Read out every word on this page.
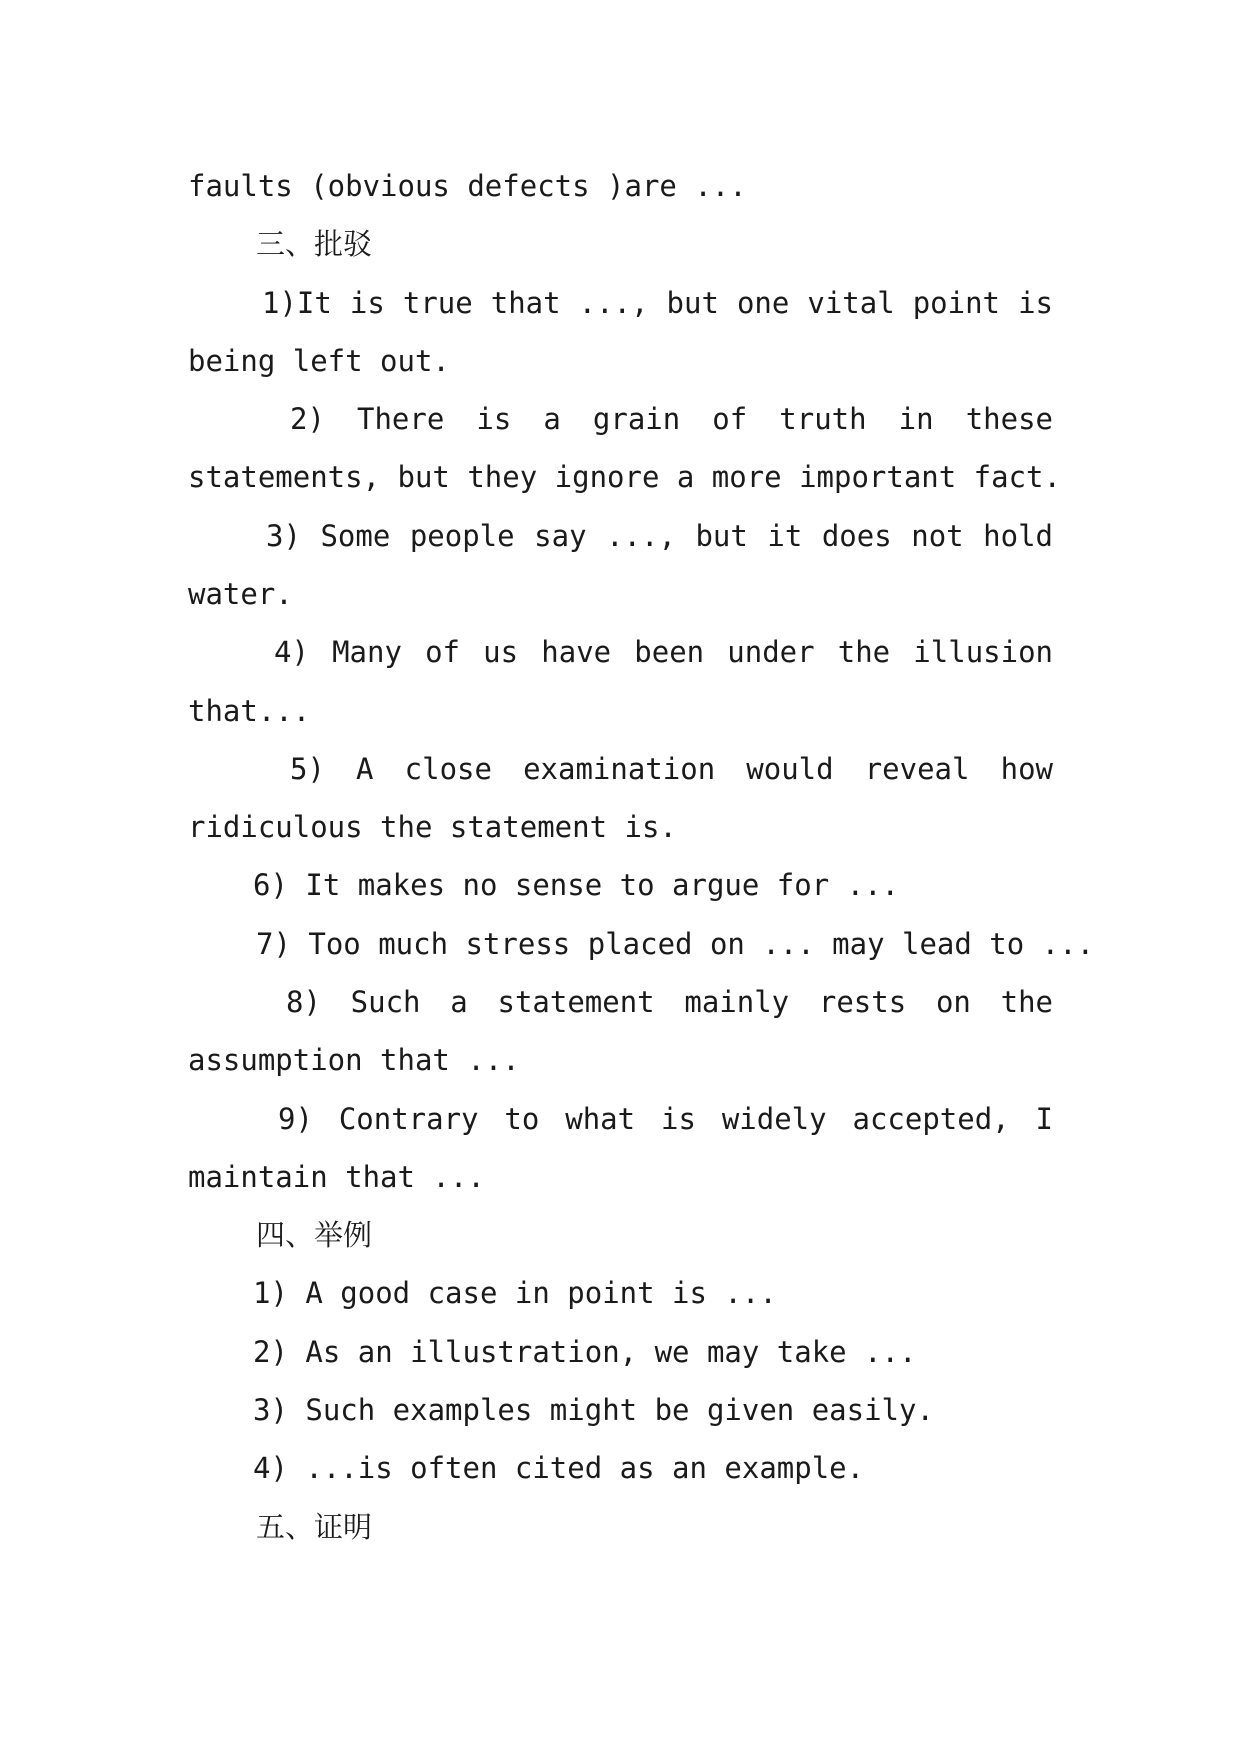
faults (obvious defects )are ...
三、批驳
1)It is true that ..., but one vital point is
being left out.
2) There is a grain of truth in these
statements, but they ignore a more important fact.
3) Some people say ..., but it does not hold
water.
4) Many of us have been under the illusion
that...
5) A close examination would reveal how
ridiculous the statement is.
6) It makes no sense to argue for ...
7) Too much stress placed on ... may lead to ...
8) Such a statement mainly rests on the
assumption that ...
9) Contrary to what is widely accepted, I
maintain that ...
四、举例
1) A good case in point is ...
2) As an illustration, we may take ...
3) Such examples might be given easily.
4) ...is often cited as an example.
五、证明
